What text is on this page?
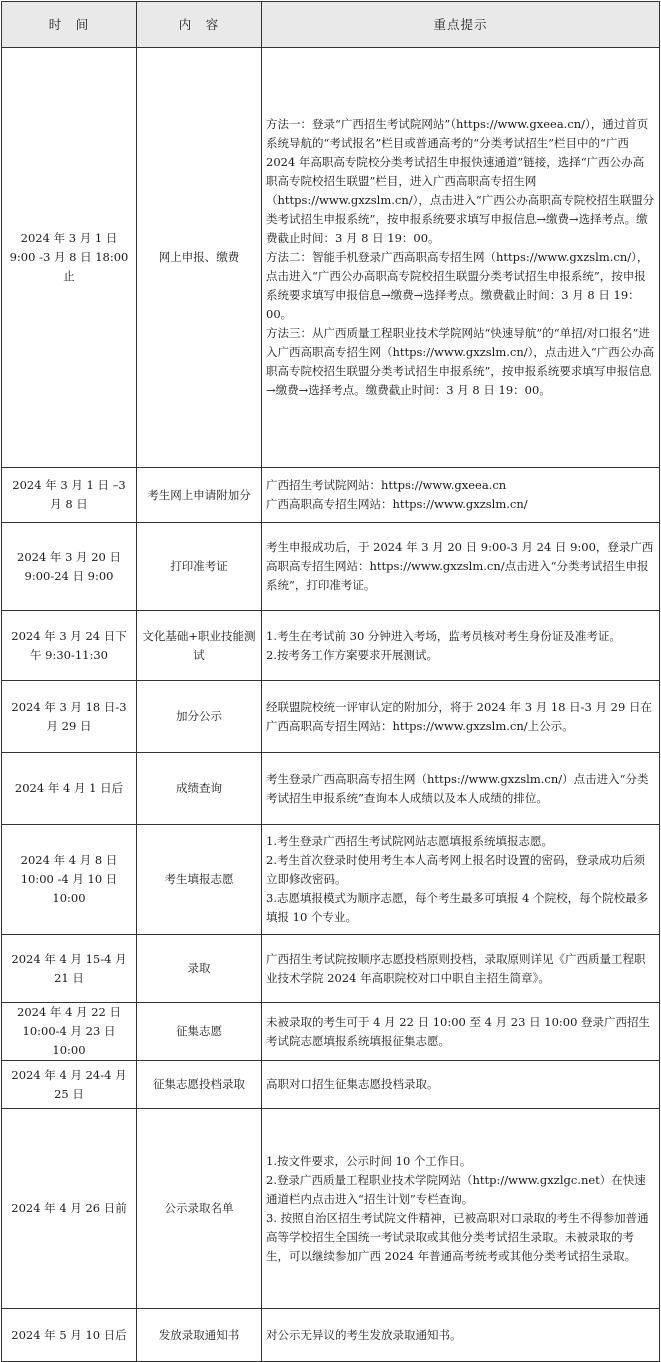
时　间	内　容	重点提示
2024 年 3 月 1 日 9:00 -3 月 8 日 18:00 止	网上申报、缴费	方法一：登录“广西招生考试院网站”（https://www.gxeea.cn/），通过首页系统导航的“考试报名”栏目或普通高考的“分类考试招生”栏目中的“广西 2024 年高职高专院校分类考试招生申报快速通道”链接，选择“广西公办高职高专院校招生联盟”栏目，进入广西高职高专招生网（https://www.gxzslm.cn/），点击进入“广西公办高职高专院校招生联盟分类考试招生申报系统”，按申报系统要求填写申报信息→缴费→选择考点。缴费截止时间：3 月 8 日 19：00。

方法二：智能手机登录广西高职高专招生网（https://www.gxzslm.cn/），点击进入“广西公办高职高专院校招生联盟分类考试招生申报系统”，按申报系统要求填写申报信息→缴费→选择考点。缴费截止时间：3 月 8 日 19：00。

方法三：从广西质量工程职业技术学院网站“快速导航”的“单招/对口报名”进入广西高职高专招生网（https://www.gxzslm.cn/），点击进入“广西公办高职高专院校招生联盟分类考试招生申报系统”，按申报系统要求填写申报信息→缴费→选择考点。缴费截止时间：3 月 8 日 19：00。

2024 年 3 月 1 日 –3 月 8 日	考生网上申请附加分	广西招生考试院网站：https://www.gxeea.cn

广西高职高专招生网站：https://www.gxzslm.cn/

2024 年 3 月 20 日 9:00-24 日 9:00	打印准考证	考生申报成功后，于 2024 年 3 月 20 日 9:00-3 月 24 日 9:00，登录广西高职高专招生网站：https://www.gxzslm.cn/点击进入“分类考试招生申报系统”，打印准考证。

2024 年 3 月 24 日下午 9:30-11:30	文化基础+职业技能测试	1.考生在考试前 30 分钟进入考场，监考员核对考生身份证及准考证。

2.按考务工作方案要求开展测试。

2024 年 3 月 18 日-3 月 29 日	加分公示	经联盟院校统一评审认定的附加分，将于 2024 年 3 月 18 日-3 月 29 日在广西高职高专招生网站：https://www.gxzslm.cn/上公示。

2024 年 4 月 1 日后	成绩查询	考生登录广西高职高专招生网（https://www.gxzslm.cn/）点击进入“分类考试招生申报系统”查询本人成绩以及本人成绩的排位。

2024 年 4 月 8 日 10:00 -4 月 10 日 10:00	考生填报志愿	1.考生登录广西招生考试院网站志愿填报系统填报志愿。

2.考生首次登录时使用考生本人高考网上报名时设置的密码，登录成功后须立即修改密码。

3.志愿填报模式为顺序志愿，每个考生最多可填报 4 个院校，每个院校最多填报 10 个专业。

2024 年 4 月 15-4 月 21 日	录取	广西招生考试院按顺序志愿投档原则投档，录取原则详见《广西质量工程职业技术学院 2024 年高职院校对口中职自主招生简章》。

2024 年 4 月 22 日 10:00-4 月 23 日 10:00	征集志愿	未被录取的考生可于 4 月 22 日 10:00 至 4 月 23 日 10:00 登录广西招生考试院志愿填报系统填报征集志愿。

2024 年 4 月 24-4 月 25 日	征集志愿投档录取	高职对口招生征集志愿投档录取。

2024 年 4 月 26 日前	公示录取名单	1.按文件要求，公示时间 10 个工作日。

2.登录广西质量工程职业技术学院网站（http://www.gxzlgc.net）在快速通道栏内点击进入“招生计划”专栏查询。

3. 按照自治区招生考试院文件精神，已被高职对口录取的考生不得参加普通高等学校招生全国统一考试录取或其他分类考试招生录取。未被录取的考生，可以继续参加广西 2024 年普通高考统考或其他分类考试招生录取。

2024 年 5 月 10 日后	发放录取通知书	对公示无异议的考生发放录取通知书。
